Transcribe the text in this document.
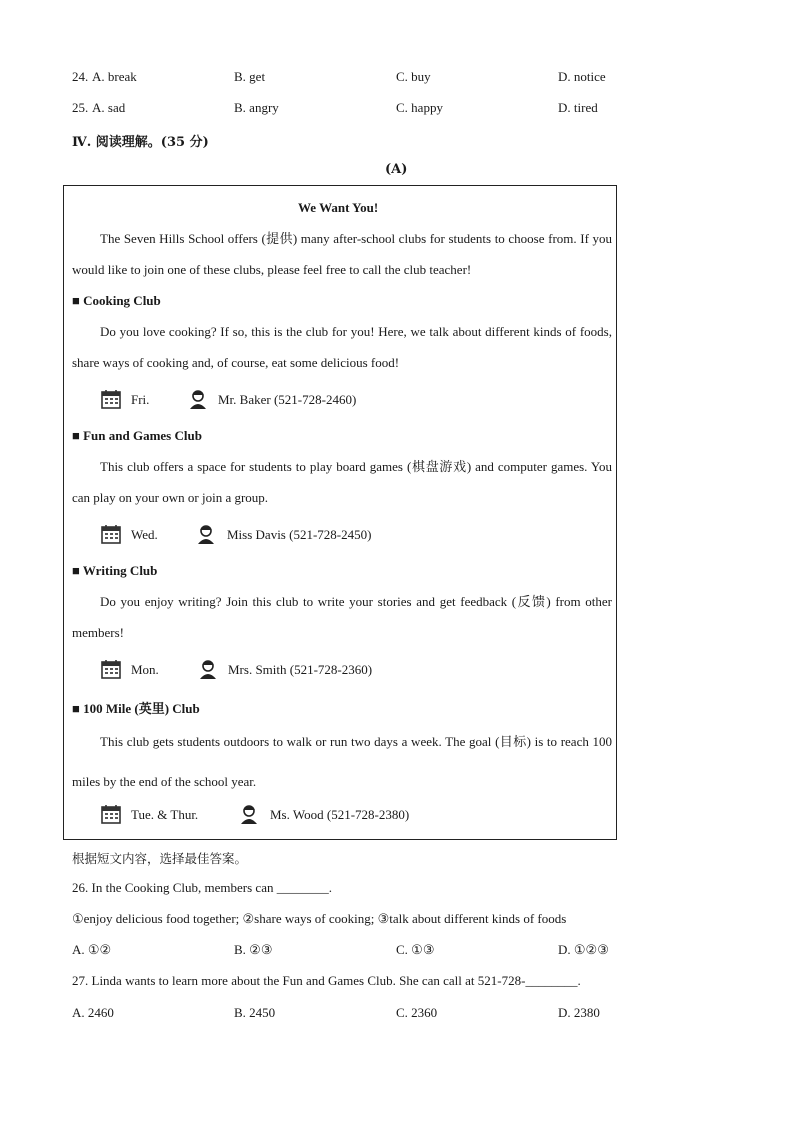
24. A. break	B. get	C. buy	D. notice
25. A. sad	B. angry	C. happy	D. tired
Ⅳ. 阅读理解。(35 分)
(A)
We Want You!
The Seven Hills School offers (提供) many after-school clubs for students to choose from. If you would like to join one of these clubs, please feel free to call the club teacher!
■ Cooking Club
Do you love cooking? If so, this is the club for you! Here, we talk about different kinds of foods, share ways of cooking and, of course, eat some delicious food!
Fri.	Mr. Baker (521-728-2460)
■ Fun and Games Club
This club offers a space for students to play board games (棋盘游戏) and computer games. You can play on your own or join a group.
Wed.	Miss Davis (521-728-2450)
■ Writing Club
Do you enjoy writing? Join this club to write your stories and get feedback (反馈) from other members!
Mon.	Mrs. Smith (521-728-2360)
■ 100 Mile (英里) Club
This club gets students outdoors to walk or run two days a week. The goal (目标) is to reach 100 miles by the end of the school year.
Tue. & Thur.	Ms. Wood (521-728-2380)
根据短文内容，选择最佳答案。
26. In the Cooking Club, members can ________.
①enjoy delicious food together; ②share ways of cooking; ③talk about different kinds of foods
A. ①②	B. ②③	C. ①③	D. ①②③
27. Linda wants to learn more about the Fun and Games Club. She can call at 521-728-________.
A. 2460	B. 2450	C. 2360	D. 2380
